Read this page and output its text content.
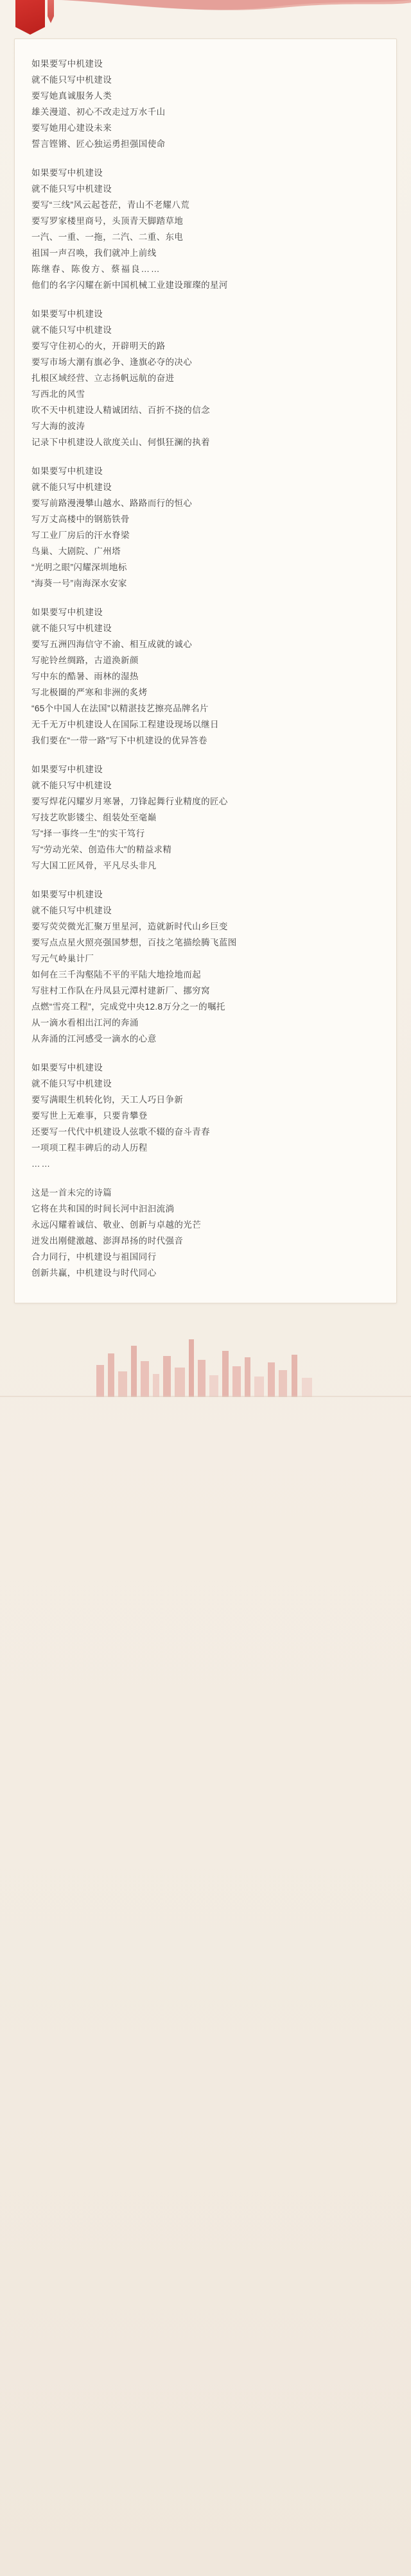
如果要写中机建设
就不能只写中机建设
要写她真诚服务人类
雄关漫道、初心不改走过万水千山
要写她用心建设未来
誓言铿锵、匠心独运勇担强国使命
如果要写中机建设
就不能只写中机建设
要写“三线”风云起苍茫，青山不老耀八荒
要写罗家楼里商号，头顶青天脚踏草地
一汽、一重、一拖，二汽、二重、东电
祖国一声召唤，我们就冲上前线
陈继春、陈俊方、蔡福良……
他们的名字闪耀在新中国机械工业建设璀璨的星河
如果要写中机建设
就不能只写中机建设
要写守住初心的火，开辟明天的路
要写市场大潮有旗必争、逢旗必夺的决心
扎根区域经营、立志扬帆远航的奋进
写西北的风雪
吹不天中机建设人精诚团结、百折不挠的信念
写大海的波涛
记录下中机建设人欲度关山、何惧狂澜的执着
如果要写中机建设
就不能只写中机建设
要写前路漫漫攀山越水、路路而行的恒心
写万丈高楼中的钢筋铁骨
写工业厂房后的汗水脊梁
鸟巢、大剧院、广州塔
“光明之眼”闪耀深圳地标
“海葵一号”南海深水安家
如果要写中机建设
就不能只写中机建设
要写五洲四海信守不渝、相互成就的诚心
写驼铃丝绸路，古道涣新颜
写中东的酷暑、雨林的湿热
写北极圈的严寒和非洲的炙烤
“65个中国人在法国”以精湛技艺擦亮品牌名片
无千无万中机建设人在国际工程建设现场以继日
我们要在“一带一路”写下中机建设的优异答卷
如果要写中机建设
就不能只写中机建设
要写焊花闪耀岁月寒暑，刀锋起舞行业精度的匠心
写技艺吹影镂尘、组装处至毫巅
写“择一事终一生”的实干笃行
写“劳动光荣、创造伟大”的精益求精
写大国工匠风骨，平凡尽头非凡
如果要写中机建设
就不能只写中机建设
要写荧荧微光汇聚万里星河，造就新时代山乡巨变
要写点点星火照亮强国梦想，百技之笔描绘腾飞蓝图
写元气岭巢计厂
如何在三千沟壑陆不平的平陆大地捡地而起
写驻村工作队在丹凤县元潭村建新厂、挪穷窝
点燃“雪亮工程”，完成党中央12.8万分之一的嘱托
从一滴水看相出江河的奔涌
从奔涌的江河感受一滴水的心意
如果要写中机建设
就不能只写中机建设
要写满眼生机转化钧，天工人巧日争新
要写世上无难事，只要肯攀登
还要写一代代中机建设人弦歌不辍的奋斗青春
一项项工程丰碑后的动人历程
……
这是一首未完的诗篇
它将在共和国的时间长河中汩汩流淌
永远闪耀着诚信、敬业、创新与卓越的光芒
迸发出刚健激越、澎湃昂扬的时代强音
合力同行，中机建设与祖国同行
创新共赢，中机建设与时代同心
